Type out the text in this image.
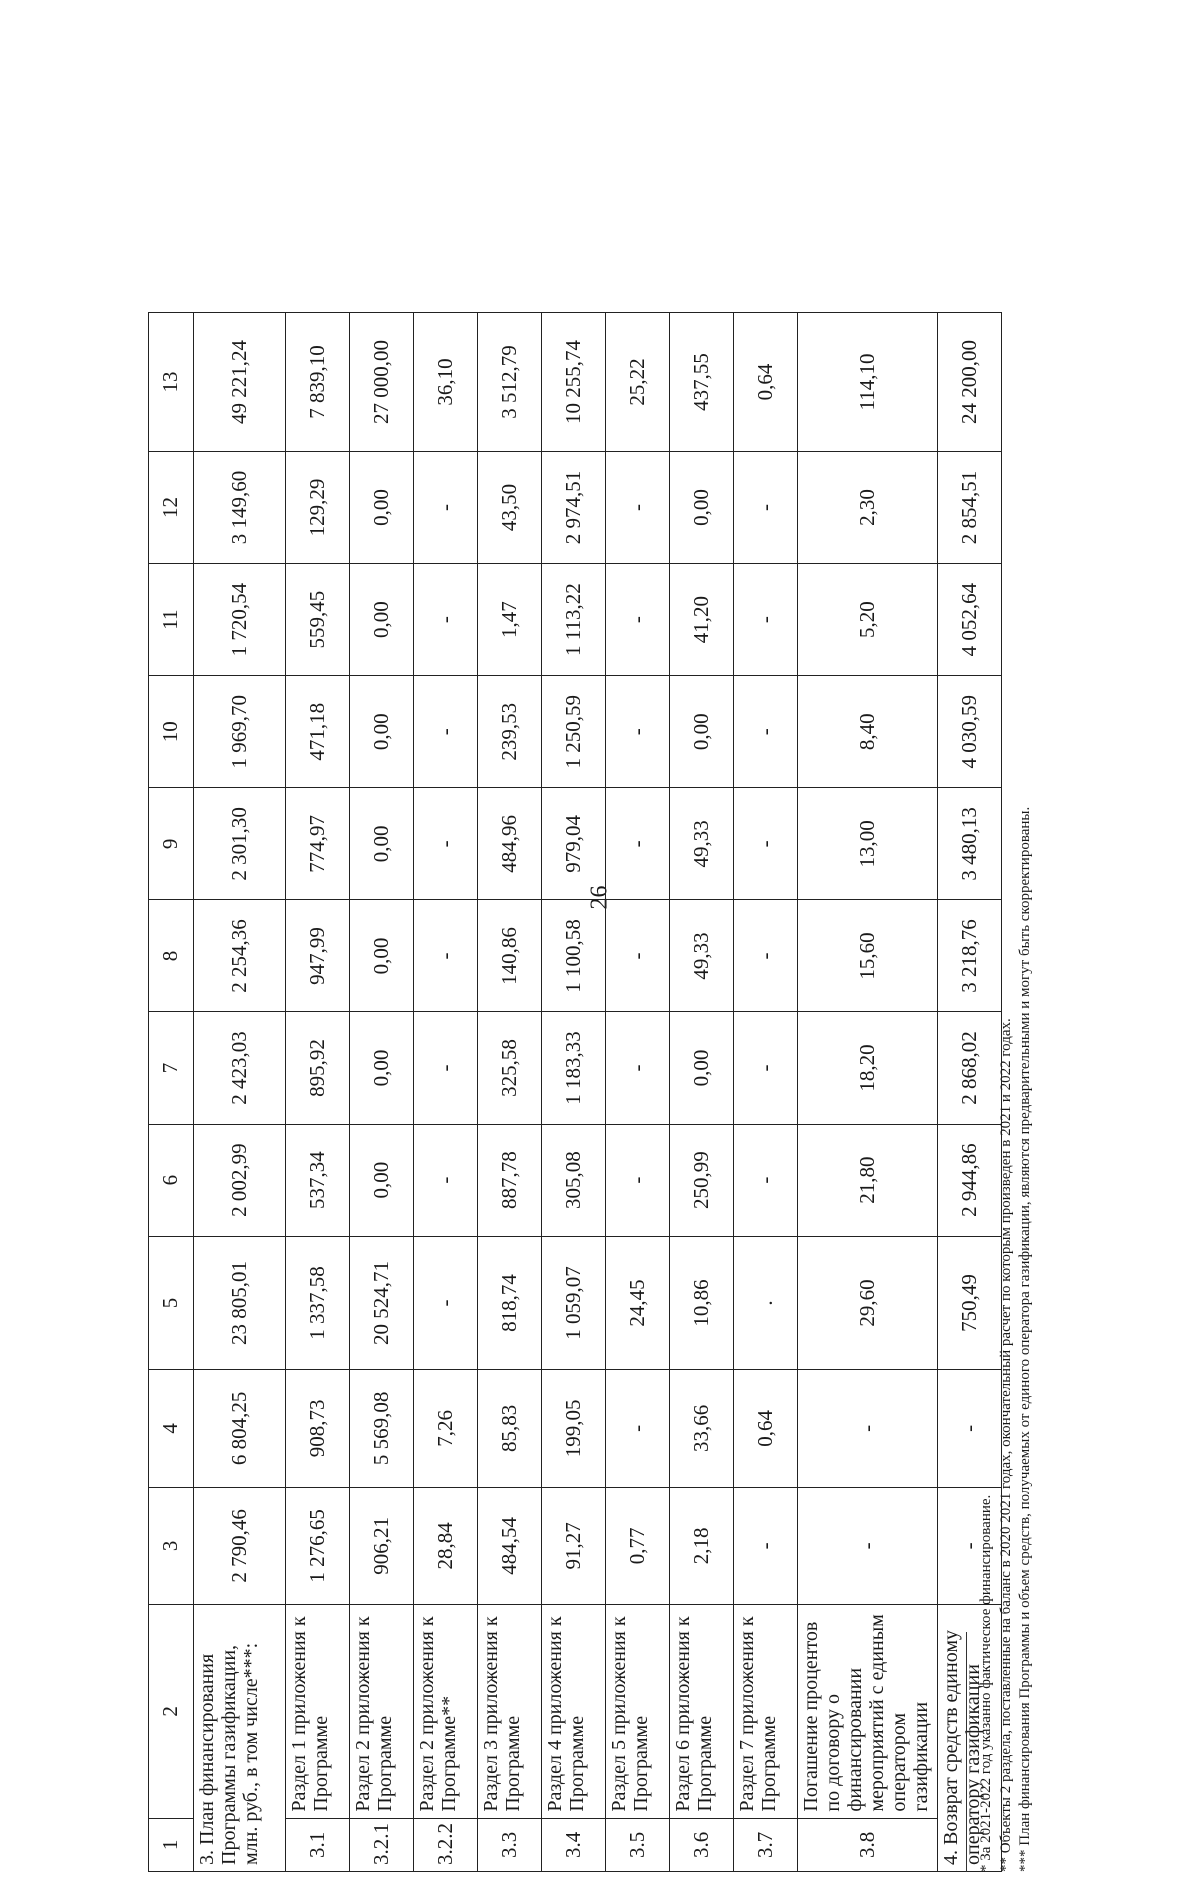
26
1	2	3	4	5	6	7	8	9	10	11	12	13
3. План финансирования Программы газификации, млн. руб., в том числе***:		2 790,46	6 804,25	23 805,01	2 002,99	2 423,03	2 254,36	2 301,30	1 969,70	1 720,54	3 149,60	49 221,24
3.1	Раздел 1 приложения к Программе	1 276,65	908,73	1 337,58	537,34	895,92	947,99	774,97	471,18	559,45	129,29	7 839,10
3.2.1	Раздел 2 приложения к Программе	906,21	5 569,08	20 524,71	0,00	0,00	0,00	0,00	0,00	0,00	0,00	27 000,00
3.2.2	Раздел 2 приложения к Программе**	28,84	7,26	-	-	-	-	-	-	-	-	36,10
3.3	Раздел 3 приложения к Программе	484,54	85,83	818,74	887,78	325,58	140,86	484,96	239,53	1,47	43,50	3 512,79
3.4	Раздел 4 приложения к Программе	91,27	199,05	1 059,07	305,08	1 183,33	1 100,58	979,04	1 250,59	1 113,22	2 974,51	10 255,74
3.5	Раздел 5 приложения к Программе	0,77	-	24,45	-	-	-	-	-	-	-	25,22
3.6	Раздел 6 приложения к Программе	2,18	33,66	10,86	250,99	0,00	49,33	49,33	0,00	41,20	0,00	437,55
3.7	Раздел 7 приложения к Программе	-	0,64	.	-	-	-	-	-	-	-	0,64
3.8	Погашение процентов по договору о финансировании мероприятий с единым оператором газификации	-	-	29,60	21,80	18,20	15,60	13,00	8,40	5,20	2,30	114,10
4. Возврат средств единому оператору газификации		-	-	750,49	2 944,86	2 868,02	3 218,76	3 480,13	4 030,59	4 052,64	2 854,51	24 200,00
* За 2021-2022 год указанно фактическое финансирование. ** Объекты 2 раздела, поставленные на баланс в 2020 2021 годах, окончательный расчет по которым произведен в 2021 и 2022 годах. *** План финансирования Программы и объем средств, получаемых от единого оператора газификации, являются предварительными и могут быть скорректированы.
